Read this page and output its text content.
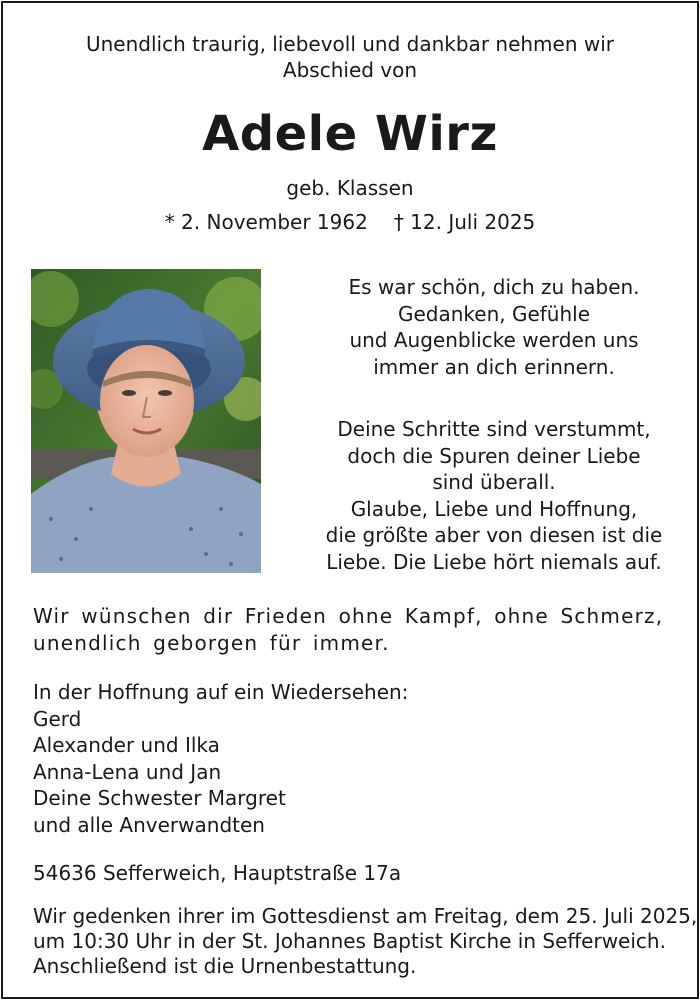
Unendlich traurig, liebevoll und dankbar nehmen wir
Abschied von
Adele Wirz
geb. Klassen
* 2. November 1962 † 12. Juli 2025
Es war schön, dich zu haben.
Gedanken, Gefühle
und Augenblicke werden uns
immer an dich erinnern.
Deine Schritte sind verstummt,
doch die Spuren deiner Liebe
sind überall.
Glaube, Liebe und Hoffnung,
die größte aber von diesen ist die
Liebe. Die Liebe hört niemals auf.
Wir wünschen dir Frieden ohne Kampf, ohne Schmerz,
unendlich geborgen für immer.
In der Hoffnung auf ein Wiedersehen:
Gerd
Alexander und Ilka
Anna-Lena und Jan
Deine Schwester Margret
und alle Anverwandten
54636 Sefferweich, Hauptstraße 17a
Wir gedenken ihrer im Gottesdienst am Freitag, dem 25. Juli 2025,
um 10:30 Uhr in der St. Johannes Baptist Kirche in Sefferweich.
Anschließend ist die Urnenbestattung.
